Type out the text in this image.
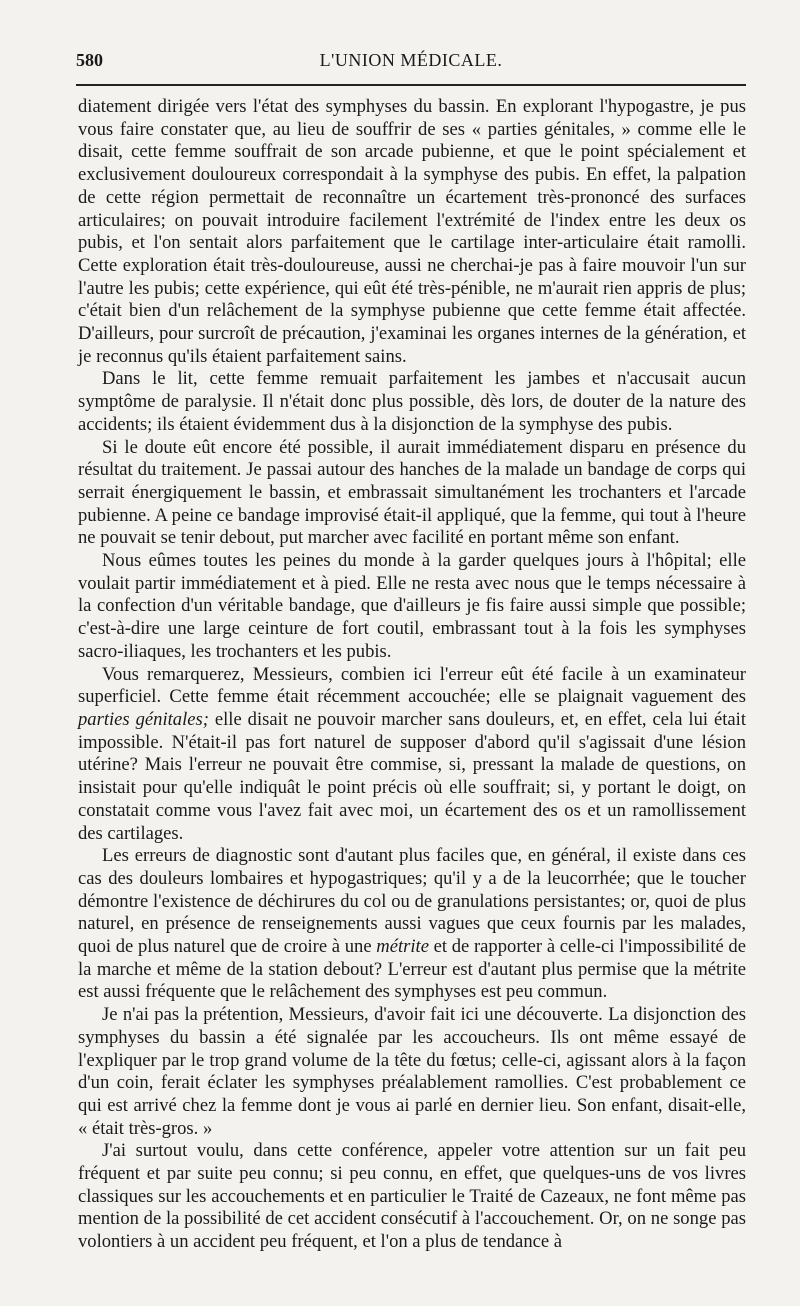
580	L'UNION MÉDICALE.

diatement dirigée vers l'état des symphyses du bassin. En explorant l'hypogastre, je pus vous faire constater que, au lieu de souffrir de ses « parties génitales, » comme elle le disait, cette femme souffrait de son arcade pubienne, et que le point spécialement et exclusivement douloureux correspondait à la symphyse des pubis. En effet, la palpation de cette région permettait de reconnaître un écartement très-prononcé des surfaces articulaires; on pouvait introduire facilement l'extrémité de l'index entre les deux os pubis, et l'on sentait alors parfaitement que le cartilage inter-articulaire était ramolli. Cette exploration était très-douloureuse, aussi ne cherchai-je pas à faire mouvoir l'un sur l'autre les pubis; cette expérience, qui eût été très-pénible, ne m'aurait rien appris de plus; c'était bien d'un relâchement de la symphyse pubienne que cette femme était affectée. D'ailleurs, pour surcroît de précaution, j'examinai les organes internes de la génération, et je reconnus qu'ils étaient parfaitement sains.

Dans le lit, cette femme remuait parfaitement les jambes et n'accusait aucun symptôme de paralysie. Il n'était donc plus possible, dès lors, de douter de la nature des accidents; ils étaient évidemment dus à la disjonction de la symphyse des pubis.

Si le doute eût encore été possible, il aurait immédiatement disparu en présence du résultat du traitement. Je passai autour des hanches de la malade un bandage de corps qui serrait énergiquement le bassin, et embrassait simultanément les trochanters et l'arcade pubienne. A peine ce bandage improvisé était-il appliqué, que la femme, qui tout à l'heure ne pouvait se tenir debout, put marcher avec facilité en portant même son enfant.

Nous eûmes toutes les peines du monde à la garder quelques jours à l'hôpital; elle voulait partir immédiatement et à pied. Elle ne resta avec nous que le temps nécessaire à la confection d'un véritable bandage, que d'ailleurs je fis faire aussi simple que possible; c'est-à-dire une large ceinture de fort coutil, embrassant tout à la fois les symphyses sacro-iliaques, les trochanters et les pubis.

Vous remarquerez, Messieurs, combien ici l'erreur eût été facile à un examinateur superficiel. Cette femme était récemment accouchée; elle se plaignait vaguement des parties génitales; elle disait ne pouvoir marcher sans douleurs, et, en effet, cela lui était impossible. N'était-il pas fort naturel de supposer d'abord qu'il s'agissait d'une lésion utérine? Mais l'erreur ne pouvait être commise, si, pressant la malade de questions, on insistait pour qu'elle indiquât le point précis où elle souffrait; si, y portant le doigt, on constatait comme vous l'avez fait avec moi, un écartement des os et un ramollissement des cartilages.

Les erreurs de diagnostic sont d'autant plus faciles que, en général, il existe dans ces cas des douleurs lombaires et hypogastriques; qu'il y a de la leucorrhée; que le toucher démontre l'existence de déchirures du col ou de granulations persistantes; or, quoi de plus naturel, en présence de renseignements aussi vagues que ceux fournis par les malades, quoi de plus naturel que de croire à une métrite et de rapporter à celle-ci l'impossibilité de la marche et même de la station debout? L'erreur est d'autant plus permise que la métrite est aussi fréquente que le relâchement des symphyses est peu commun.

Je n'ai pas la prétention, Messieurs, d'avoir fait ici une découverte. La disjonction des symphyses du bassin a été signalée par les accoucheurs. Ils ont même essayé de l'expliquer par le trop grand volume de la tête du fœtus; celle-ci, agissant alors à la façon d'un coin, ferait éclater les symphyses préalablement ramollies. C'est probablement ce qui est arrivé chez la femme dont je vous ai parlé en dernier lieu. Son enfant, disait-elle, « était très-gros. »

J'ai surtout voulu, dans cette conférence, appeler votre attention sur un fait peu fréquent et par suite peu connu; si peu connu, en effet, que quelques-uns de vos livres classiques sur les accouchements et en particulier le Traité de Cazeaux, ne font même pas mention de la possibilité de cet accident consécutif à l'accouchement. Or, on ne songe pas volontiers à un accident peu fréquent, et l'on a plus de tendance à
